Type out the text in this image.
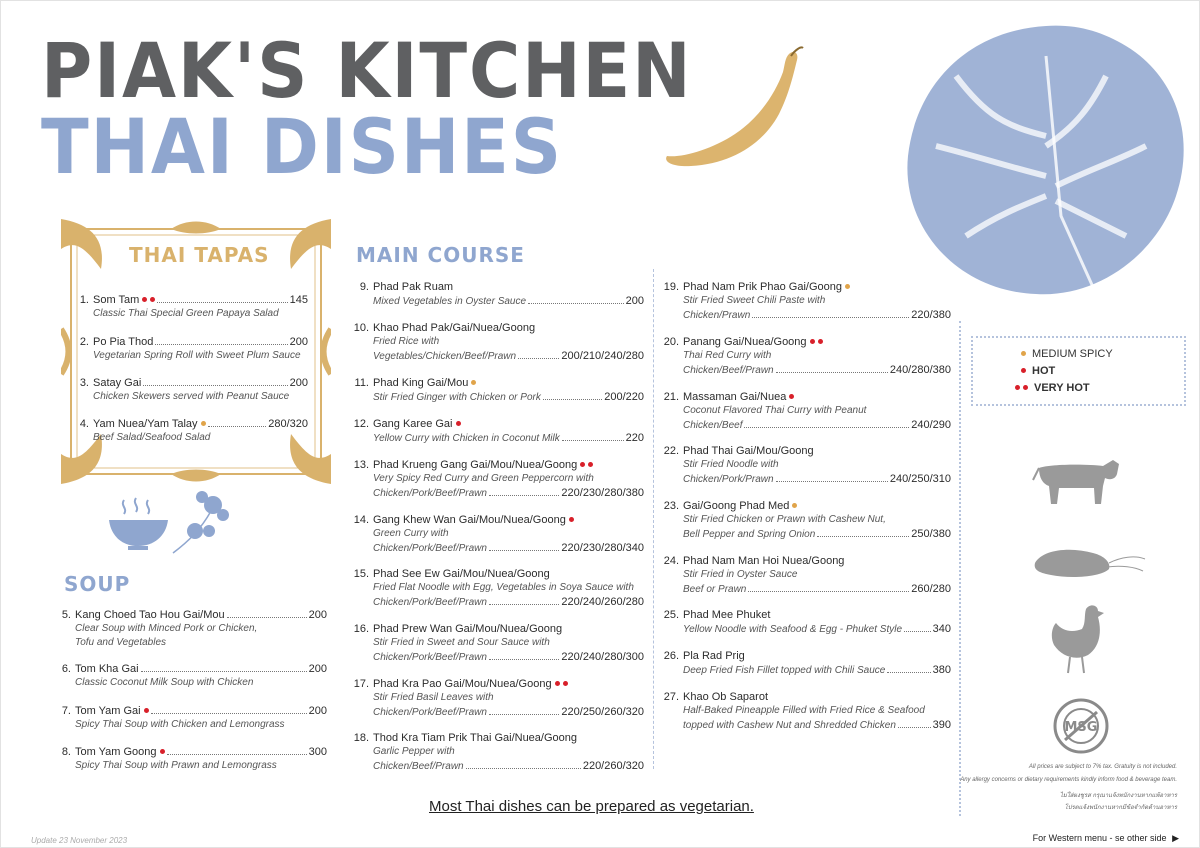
PIAK'S KITCHEN
THAI DISHES
THAI TAPAS	MAIN COURSE
SOUP
1. Som Tam	145
Classic Thai Special Green Papaya Salad
2. Po Pia Thod	200
Vegetarian Spring Roll with Sweet Plum Sauce
3. Satay Gai	200
Chicken Skewers served with Peanut Sauce
4. Yam Nuea/Yam Talay	280/320
Beef Salad/Seafood Salad
5. Kang Choed Tao Hou Gai/Mou	200
Clear Soup with Minced Pork or Chicken,
Tofu and Vegetables
6. Tom Kha Gai	200
Classic Coconut Milk Soup with Chicken
7. Tom Yam Gai	200
Spicy Thai Soup with Chicken and Lemongrass
8. Tom Yam Goong	300
Spicy Thai Soup with Prawn and Lemongrass
9. Phad Pak Ruam
Mixed Vegetables in Oyster Sauce	200
10. Khao Phad Pak/Gai/Nuea/Goong
Fried Rice with
Vegetables/Chicken/Beef/Prawn	200/210/240/280
11. Phad King Gai/Mou
Stir Fried Ginger with Chicken or Pork	200/220
12. Gang Karee Gai
Yellow Curry with Chicken in Coconut Milk	220
13. Phad Krueng Gang Gai/Mou/Nuea/Goong
Very Spicy Red Curry and Green Peppercorn with
Chicken/Pork/Beef/Prawn	220/230/280/380
14. Gang Khew Wan Gai/Mou/Nuea/Goong
Green Curry with
Chicken/Pork/Beef/Prawn	220/230/280/340
15. Phad See Ew Gai/Mou/Nuea/Goong
Fried Flat Noodle with Egg, Vegetables in Soya Sauce with
Chicken/Pork/Beef/Prawn	220/240/260/280
16. Phad Prew Wan Gai/Mou/Nuea/Goong
Stir Fried in Sweet and Sour Sauce with
Chicken/Pork/Beef/Prawn	220/240/280/300
17. Phad Kra Pao Gai/Mou/Nuea/Goong
Stir Fried Basil Leaves with
Chicken/Pork/Beef/Prawn	220/250/260/320
18. Thod Kra Tiam Prik Thai Gai/Nuea/Goong
Garlic Pepper with
Chicken/Beef/Prawn	220/260/320
19. Phad Nam Prik Phao Gai/Goong
Stir Fried Sweet Chili Paste with
Chicken/Prawn	220/380
20. Panang Gai/Nuea/Goong
Thai Red Curry with
Chicken/Beef/Prawn	240/280/380
21. Massaman Gai/Nuea
Coconut Flavored Thai Curry with Peanut
Chicken/Beef	240/290
22. Phad Thai Gai/Mou/Goong
Stir Fried Noodle with
Chicken/Pork/Prawn	240/250/310
23. Gai/Goong Phad Med
Stir Fried Chicken or Prawn with Cashew Nut,
Bell Pepper and Spring Onion	250/380
24. Phad Nam Man Hoi Nuea/Goong
Stir Fried in Oyster Sauce
Beef or Prawn	260/280
25. Phad Mee Phuket
Yellow Noodle with Seafood & Egg - Phuket Style	340
26. Pla Rad Prig
Deep Fried Fish Fillet topped with Chili Sauce	380
27. Khao Ob Saparot
Half-Baked Pineapple Filled with Fried Rice & Seafood
topped with Cashew Nut and Shredded Chicken	390
MEDIUM SPICY
HOT
VERY HOT
MSG
All prices are subject to 7% tax. Gratuity is not included.
Any allergy concerns or dietary requirements kindly inform food & beverage team.
ไม่ใส่ผงชูรส กรุณาแจ้งพนักงานหากแพ้อาหาร
โปรดแจ้งพนักงานหากมีข้อจำกัดด้านอาหาร
Most Thai dishes can be prepared as vegetarian.
Update 23 November 2023	For Western menu - se other side ▶
